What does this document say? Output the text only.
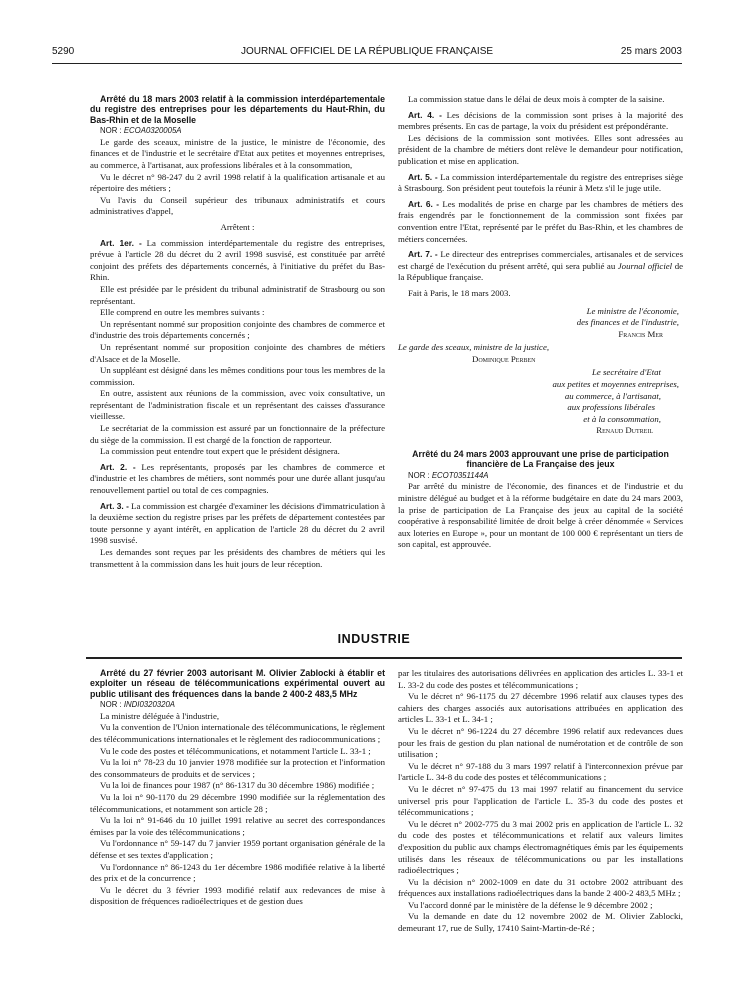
5290	JOURNAL OFFICIEL DE LA RÉPUBLIQUE FRANÇAISE	25 mars 2003

Arrêté du 18 mars 2003 relatif à la commission interdépartementale du registre des entreprises pour les départements du Haut-Rhin, du Bas-Rhin et de la Moselle

NOR : ECOA0320005A

Le garde des sceaux, ministre de la justice, le ministre de l'économie, des finances et de l'industrie et le secrétaire d'Etat aux petites et moyennes entreprises, au commerce, à l'artisanat, aux professions libérales et à la consommation,

Vu le décret n° 98-247 du 2 avril 1998 relatif à la qualification artisanale et au répertoire des métiers ;

Vu l'avis du Conseil supérieur des tribunaux administratifs et cours administratives d'appel,

Arrêtent :

Art. 1er. - La commission interdépartementale du registre des entreprises, prévue à l'article 28 du décret du 2 avril 1998 susvisé, est constituée par arrêté conjoint des préfets des départements concernés, à l'initiative du préfet du Bas-Rhin.

Elle est présidée par le président du tribunal administratif de Strasbourg ou son représentant.

Elle comprend en outre les membres suivants :

Un représentant nommé sur proposition conjointe des chambres de commerce et d'industrie des trois départements concernés ;

Un représentant nommé sur proposition conjointe des chambres de métiers d'Alsace et de la Moselle.

Un suppléant est désigné dans les mêmes conditions pour tous les membres de la commission.

En outre, assistent aux réunions de la commission, avec voix consultative, un représentant de l'administration fiscale et un représentant des caisses d'assurance vieillesse.

Le secrétariat de la commission est assuré par un fonctionnaire de la préfecture du siège de la commission. Il est chargé de la fonction de rapporteur.

La commission peut entendre tout expert que le président désignera.

Art. 2. - Les représentants, proposés par les chambres de commerce et d'industrie et les chambres de métiers, sont nommés pour une durée allant jusqu'au renouvellement partiel ou total de ces compagnies.

Art. 3. - La commission est chargée d'examiner les décisions d'immatriculation à la deuxième section du registre prises par les préfets de département contestées par toute personne y ayant intérêt, en application de l'article 28 du décret du 2 avril 1998 susvisé.

Les demandes sont reçues par les présidents des chambres de métiers qui les transmettent à la commission dans les huit jours de leur réception.

La commission statue dans le délai de deux mois à compter de la saisine.

Art. 4. - Les décisions de la commission sont prises à la majorité des membres présents. En cas de partage, la voix du président est prépondérante.

Les décisions de la commission sont motivées. Elles sont adressées au président de la chambre de métiers dont relève le demandeur pour notification, publication et mise en application.

Art. 5. - La commission interdépartementale du registre des entreprises siège à Strasbourg. Son président peut toutefois la réunir à Metz s'il le juge utile.

Art. 6. - Les modalités de prise en charge par les chambres de métiers des frais engendrés par le fonctionnement de la commission sont fixées par convention entre l'Etat, représenté par le préfet du Bas-Rhin, et les chambres de métiers concernées.

Art. 7. - Le directeur des entreprises commerciales, artisanales et de services est chargé de l'exécution du présent arrêté, qui sera publié au Journal officiel de la République française.

Fait à Paris, le 18 mars 2003.

Le ministre de l'économie,

des finances et de l'industrie,

Francis Mer

Le garde des sceaux, ministre de la justice,

Dominique Perben

Le secrétaire d'Etat

aux petites et moyennes entreprises,

au commerce, à l'artisanat,

aux professions libérales

et à la consommation,

Renaud Dutreil

Arrêté du 24 mars 2003 approuvant une prise de participation financière de La Française des jeux

NOR : ECOT0351144A

Par arrêté du ministre de l'économie, des finances et de l'industrie et du ministre délégué au budget et à la réforme budgétaire en date du 24 mars 2003, la prise de participation de La Française des jeux au capital de la société coopérative à responsabilité limitée de droit belge à créer dénommée « Services aux loteries en Europe », pour un montant de 100 000 € représentant un tiers de son capital, est approuvée.

INDUSTRIE

Arrêté du 27 février 2003 autorisant M. Olivier Zablocki à établir et exploiter un réseau de télécommunications expérimental ouvert au public utilisant des fréquences dans la bande 2 400-2 483,5 MHz

NOR : INDI0320320A

La ministre déléguée à l'industrie,

Vu la convention de l'Union internationale des télécommunications, le règlement des télécommunications internationales et le règlement des radiocommunications ;

Vu le code des postes et télécommunications, et notamment l'article L. 33-1 ;

Vu la loi n° 78-23 du 10 janvier 1978 modifiée sur la protection et l'information des consommateurs de produits et de services ;

Vu la loi de finances pour 1987 (n° 86-1317 du 30 décembre 1986) modifiée ;

Vu la loi n° 90-1170 du 29 décembre 1990 modifiée sur la réglementation des télécommunications, et notamment son article 28 ;

Vu la loi n° 91-646 du 10 juillet 1991 relative au secret des correspondances émises par la voie des télécommunications ;

Vu l'ordonnance n° 59-147 du 7 janvier 1959 portant organisation générale de la défense et ses textes d'application ;

Vu l'ordonnance n° 86-1243 du 1er décembre 1986 modifiée relative à la liberté des prix et de la concurrence ;

Vu le décret du 3 février 1993 modifié relatif aux redevances de mise à disposition de fréquences radioélectriques et de gestion dues

par les titulaires des autorisations délivrées en application des articles L. 33-1 et L. 33-2 du code des postes et télécommunications ;

Vu le décret n° 96-1175 du 27 décembre 1996 relatif aux clauses types des cahiers des charges associés aux autorisations attribuées en application des articles L. 33-1 et L. 34-1 ;

Vu le décret n° 96-1224 du 27 décembre 1996 relatif aux redevances dues pour les frais de gestion du plan national de numérotation et de contrôle de son utilisation ;

Vu le décret n° 97-188 du 3 mars 1997 relatif à l'interconnexion prévue par l'article L. 34-8 du code des postes et télécommunications ;

Vu le décret n° 97-475 du 13 mai 1997 relatif au financement du service universel pris pour l'application de l'article L. 35-3 du code des postes et télécommunications ;

Vu le décret n° 2002-775 du 3 mai 2002 pris en application de l'article L. 32 du code des postes et télécommunications et relatif aux valeurs limites d'exposition du public aux champs électromagnétiques émis par les équipements utilisés dans les réseaux de télécommunications ou par les installations radioélectriques ;

Vu la décision n° 2002-1009 en date du 31 octobre 2002 attribuant des fréquences aux installations radioélectriques dans la bande 2 400-2 483,5 MHz ;

Vu l'accord donné par le ministère de la défense le 9 décembre 2002 ;

Vu la demande en date du 12 novembre 2002 de M. Olivier Zablocki, demeurant 17, rue de Sully, 17410 Saint-Martin-de-Ré ;
